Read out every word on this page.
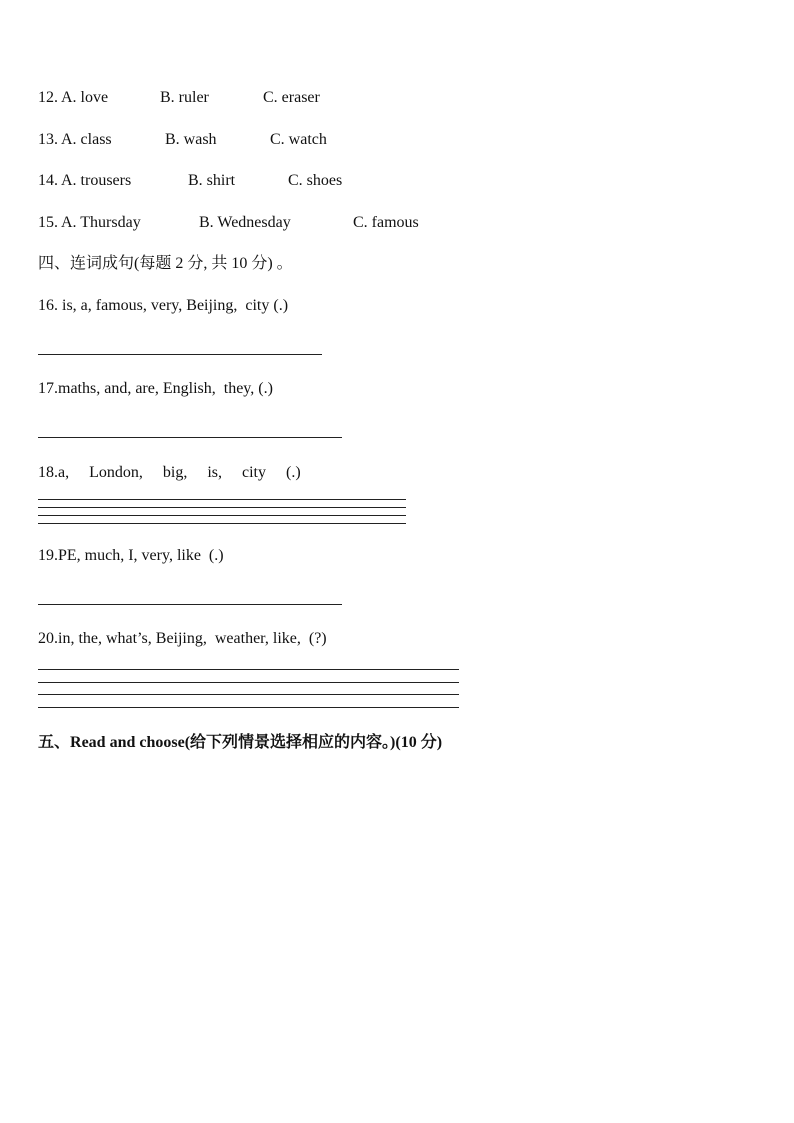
12. A. love	B. ruler	C. eraser
13. A. class	B. wash	C. watch
14. A. trousers	B. shirt	C. shoes
15. A. Thursday	B. Wednesday	C. famous
四、连词成句(每题 2 分, 共 10 分) 。
16. is, a, famous, very, Beijing,  city (.)
17.maths, and, are, English,  they, (.)
18.a,     London,     big,     is,     city     (.)
19.PE, much, I, very, like  (.)
20.in, the, what’s, Beijing,  weather, like,  (?)
五、Read and choose(给下列情景选择相应的内容。)(10 分)
